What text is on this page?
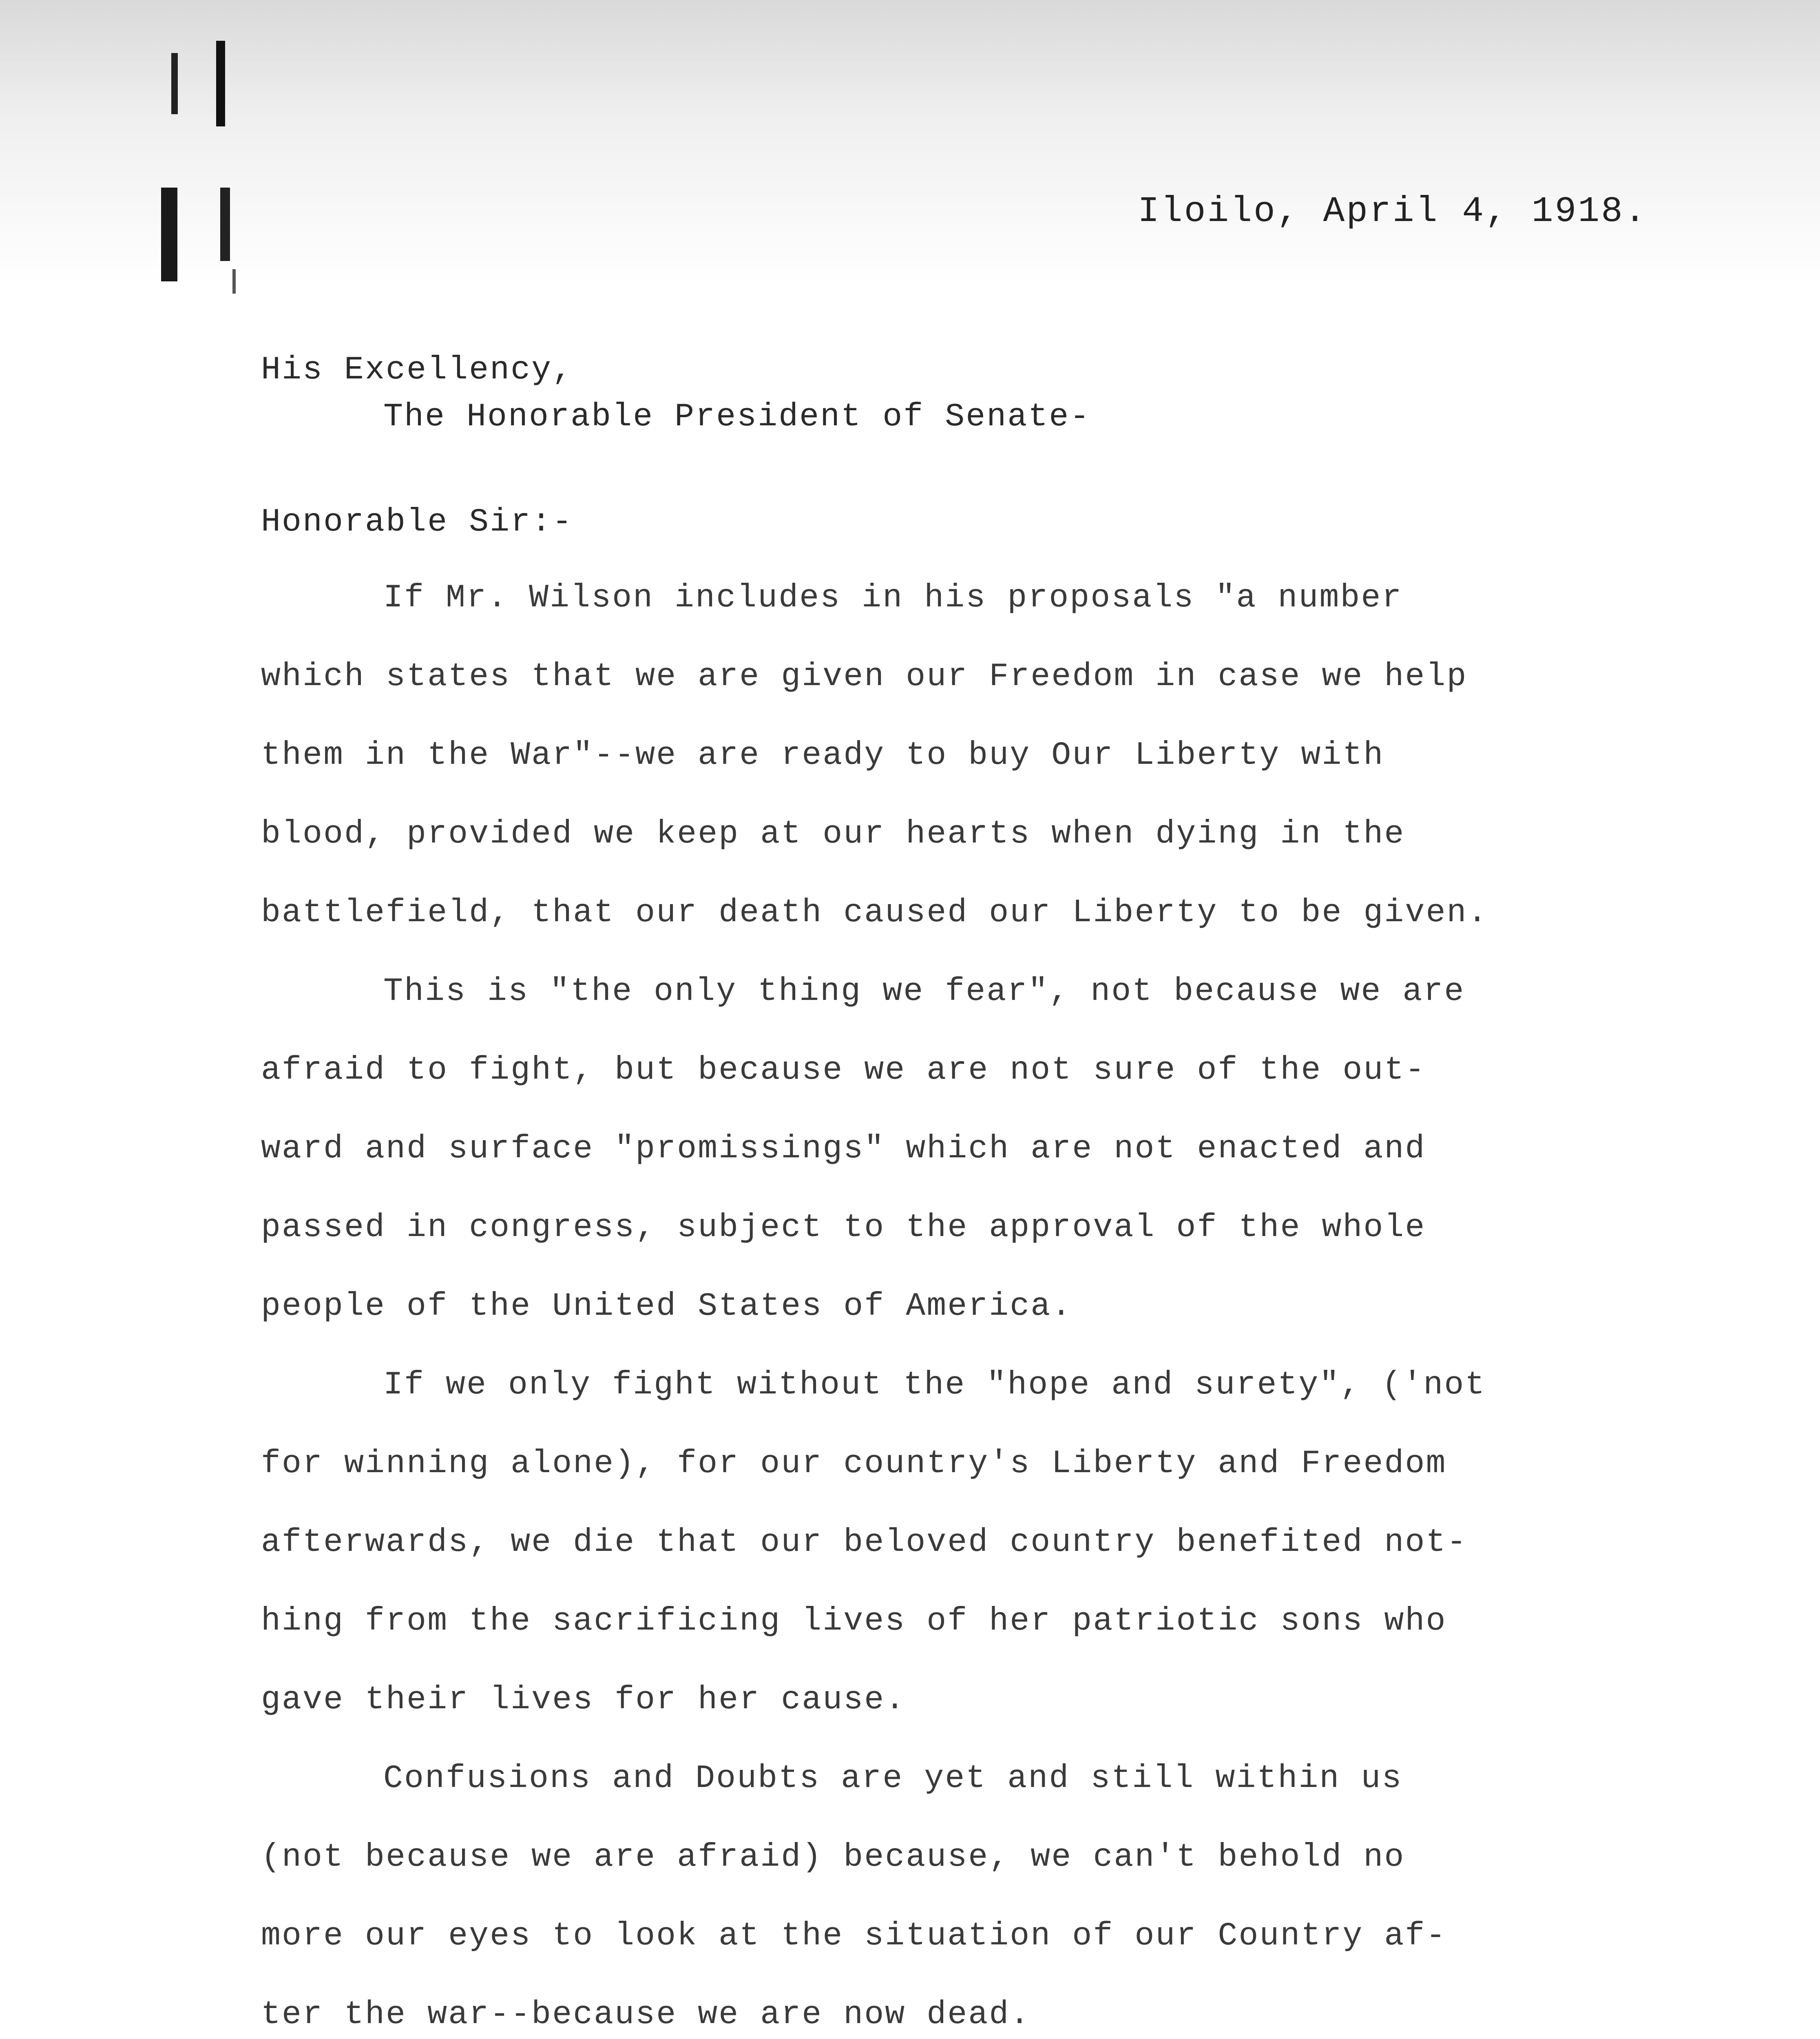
Iloilo, April 4, 1918.
His Excellency,
The Honorable President of Senate-
Honorable Sir:-
If Mr. Wilson includes in his proposals "a number
which states that we are given our Freedom in case we help
them in the War"--we are ready to buy Our Liberty with
blood, provided we keep at our hearts when dying in the
battlefield, that our death caused our Liberty to be given.
This is "the only thing we fear", not because we are
afraid to fight, but because we are not sure of the out-
ward and surface "promissings" which are not enacted and
passed in congress, subject to the approval of the whole
people of the United States of America.
If we only fight without the "hope and surety", ('not
for winning alone), for our country's Liberty and Freedom
afterwards, we die that our beloved country benefited not-
hing from the sacrificing lives of her patriotic sons who
gave their lives for her cause.
Confusions and Doubts are yet and still within us
(not because we are afraid) because, we can't behold no
more our eyes to look at the situation of our Country af-
ter the war--because we are now dead.
